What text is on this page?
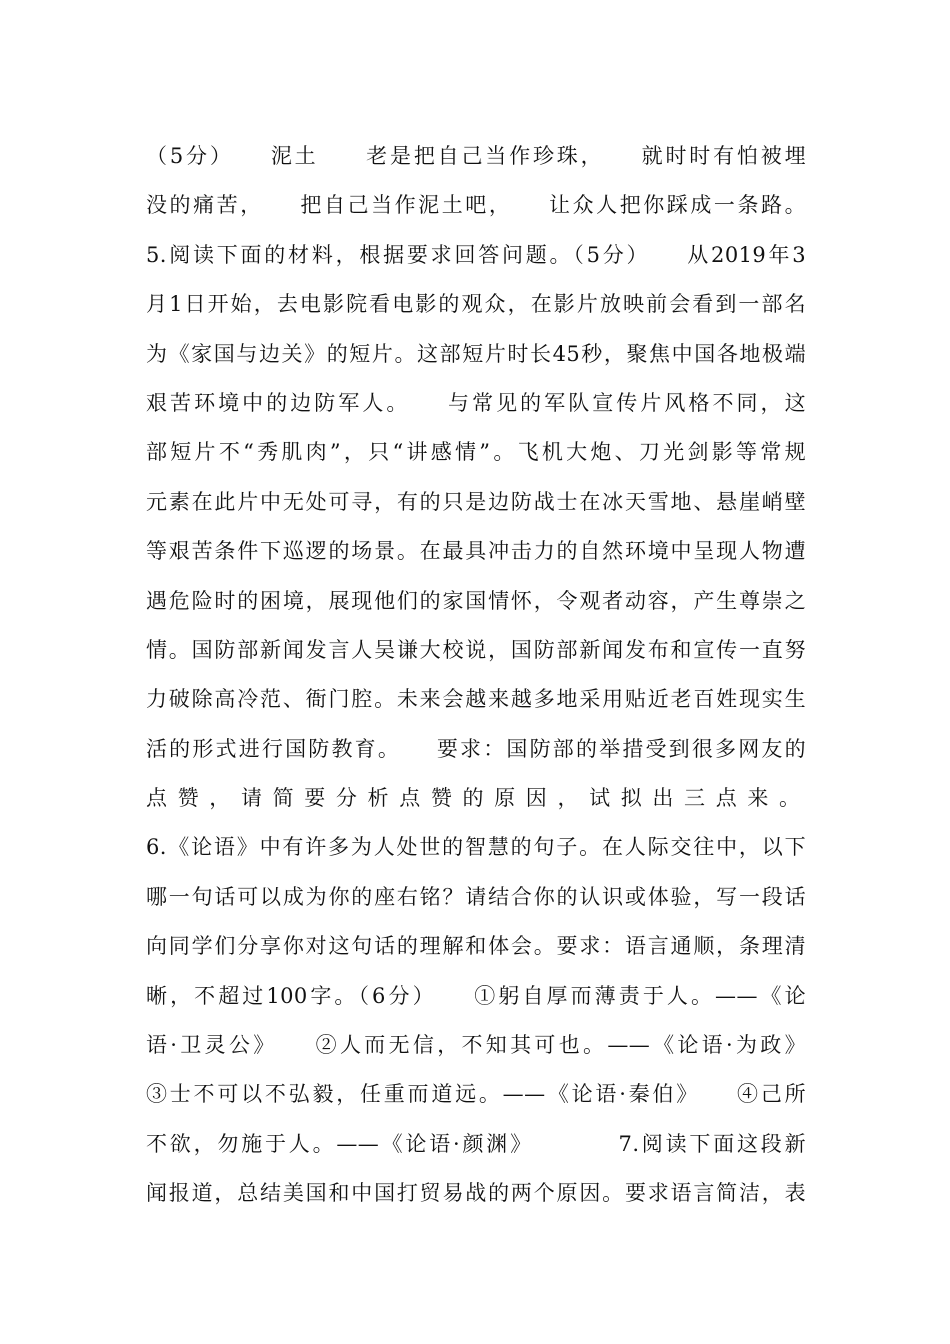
（5分）　　泥土　　老是把自己当作珍珠，　　就时时有怕被埋
没的痛苦，　　把自己当作泥土吧，　　让众人把你踩成一条路。
5.阅读下面的材料，根据要求回答问题。（5分）　　从2019年3
月1日开始，去电影院看电影的观众，在影片放映前会看到一部名
为《家国与边关》的短片。这部短片时长45秒，聚焦中国各地极端
艰苦环境中的边防军人。　　与常见的军队宣传片风格不同，这
部短片不“秀肌肉”，只“讲感情”。飞机大炮、刀光剑影等常规
元素在此片中无处可寻，有的只是边防战士在冰天雪地、悬崖峭壁
等艰苦条件下巡逻的场景。在最具冲击力的自然环境中呈现人物遭
遇危险时的困境，展现他们的家国情怀，令观者动容，产生尊崇之
情。国防部新闻发言人吴谦大校说，国防部新闻发布和宣传一直努
力破除高冷范、衙门腔。未来会越来越多地采用贴近老百姓现实生
活的形式进行国防教育。　　要求：国防部的举措受到很多网友的
点赞，请简要分析点赞的原因，试拟出三点来。
6.《论语》中有许多为人处世的智慧的句子。在人际交往中，以下
哪一句话可以成为你的座右铭？请结合你的认识或体验，写一段话
向同学们分享你对这句话的理解和体会。要求：语言通顺，条理清
晰，不超过100字。（6分）　　①躬自厚而薄责于人。——《论
语·卫灵公》　　②人而无信，不知其可也。——《论语·为政》
③士不可以不弘毅，任重而道远。——《论语·秦伯》　　④己所
不欲，勿施于人。——《论语·颜渊》　　　　7.阅读下面这段新
闻报道，总结美国和中国打贸易战的两个原因。要求语言简洁，表
